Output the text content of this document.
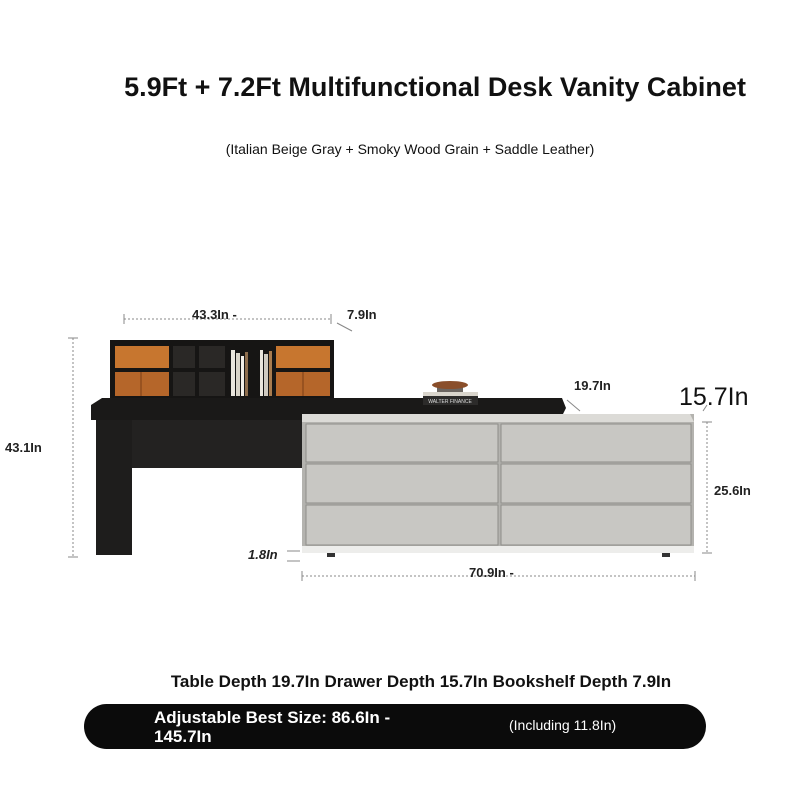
5.9Ft + 7.2Ft Multifunctional Desk Vanity Cabinet
(Italian Beige Gray + Smoky Wood Grain + Saddle Leather)
WALTER FINANCE
43.3In -	7.9In
43.1In
19.7In	15.7In
25.6In
1.8In
70.9In -
Table Depth 19.7In Drawer Depth 15.7In Bookshelf Depth 7.9In
Adjustable Best Size: 86.6In - 145.7In
(Including 11.8In)
